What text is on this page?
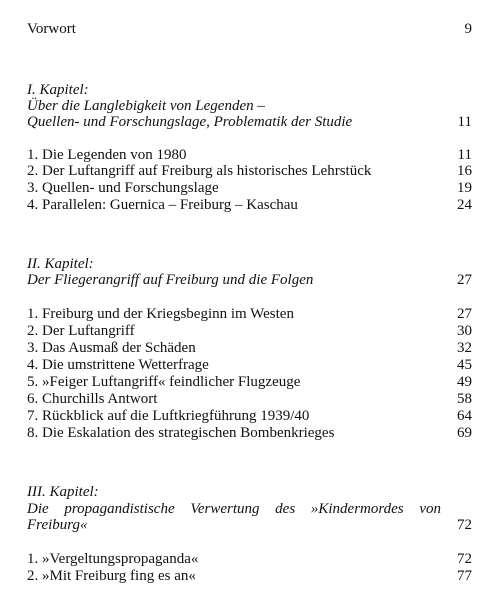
Vorwort	9
I. Kapitel:
Über die Langlebigkeit von Legenden –
Quellen- und Forschungslage, Problematik der Studie	11
1. Die Legenden von 1980	11
2. Der Luftangriff auf Freiburg als historisches Lehrstück	16
3. Quellen- und Forschungslage	19
4. Parallelen: Guernica – Freiburg – Kaschau	24
II. Kapitel:
Der Fliegerangriff auf Freiburg und die Folgen	27
1. Freiburg und der Kriegsbeginn im Westen	27
2. Der Luftangriff	30
3. Das Ausmaß der Schäden	32
4. Die umstrittene Wetterfrage	45
5. »Feiger Luftangriff« feindlicher Flugzeuge	49
6. Churchills Antwort	58
7. Rückblick auf die Luftkriegführung 1939/40	64
8. Die Eskalation des strategischen Bombenkrieges	69
III. Kapitel:
Die propagandistische Verwertung des »Kindermordes von
Freiburg«	72
1. »Vergeltungspropaganda«	72
2. »Mit Freiburg fing es an«	77
